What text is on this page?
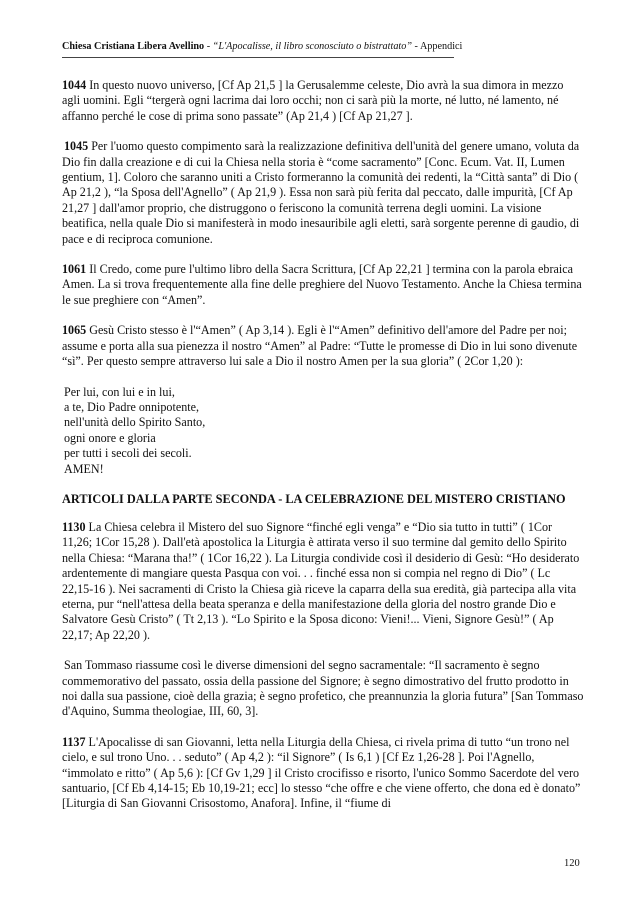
Chiesa Cristiana Libera Avellino - “L'Apocalisse, il libro sconosciuto o bistrattato” - Appendici

1044 In questo nuovo universo, [Cf Ap 21,5 ] la Gerusalemme celeste, Dio avrà la sua dimora in mezzo agli uomini. Egli “tergerà ogni lacrima dai loro occhi; non ci sarà più la morte, né lutto, né lamento, né affanno perché le cose di prima sono passate” (Ap 21,4 ) [Cf Ap 21,27 ].

1045 Per l'uomo questo compimento sarà la realizzazione definitiva dell'unità del genere umano, voluta da Dio fin dalla creazione e di cui la Chiesa nella storia è “come sacramento” [Conc. Ecum. Vat. II, Lumen gentium, 1]. Coloro che saranno uniti a Cristo formeranno la comunità dei redenti, la “Città santa” di Dio ( Ap 21,2 ), “la Sposa dell'Agnello” ( Ap 21,9 ). Essa non sarà più ferita dal peccato, dalle impurità, [Cf Ap 21,27 ] dall'amor proprio, che distruggono o feriscono la comunità terrena degli uomini. La visione beatifica, nella quale Dio si manifesterà in modo inesauribile agli eletti, sarà sorgente perenne di gaudio, di pace e di reciproca comunione.

1061 Il Credo, come pure l'ultimo libro della Sacra Scrittura, [Cf Ap 22,21 ] termina con la parola ebraica Amen. La si trova frequentemente alla fine delle preghiere del Nuovo Testamento. Anche la Chiesa termina le sue preghiere con “Amen”.

1065 Gesù Cristo stesso è l'“Amen” ( Ap 3,14 ). Egli è l'“Amen” definitivo dell'amore del Padre per noi; assume e porta alla sua pienezza il nostro “Amen” al Padre: “Tutte le promesse di Dio in lui sono divenute “sì”. Per questo sempre attraverso lui sale a Dio il nostro Amen per la sua gloria” ( 2Cor 1,20 ):

Per lui, con lui e in lui,
a te, Dio Padre onnipotente,
nell'unità dello Spirito Santo,
ogni onore e gloria
per tutti i secoli dei secoli.
AMEN!
ARTICOLI DALLA PARTE SECONDA - LA CELEBRAZIONE DEL MISTERO CRISTIANO

1130 La Chiesa celebra il Mistero del suo Signore “finché egli venga” e “Dio sia tutto in tutti” ( 1Cor 11,26; 1Cor 15,28 ). Dall'età apostolica la Liturgia è attirata verso il suo termine dal gemito dello Spirito nella Chiesa: “Marana tha!” ( 1Cor 16,22 ). La Liturgia condivide così il desiderio di Gesù: “Ho desiderato ardentemente di mangiare questa Pasqua con voi. . . finché essa non si compia nel regno di Dio” ( Lc 22,15-16 ). Nei sacramenti di Cristo la Chiesa già riceve la caparra della sua eredità, già partecipa alla vita eterna, pur “nell'attesa della beata speranza e della manifestazione della gloria del nostro grande Dio e Salvatore Gesù Cristo” ( Tt 2,13 ). “Lo Spirito e la Sposa dicono: Vieni!... Vieni, Signore Gesù!” ( Ap 22,17; Ap 22,20 ).

San Tommaso riassume così le diverse dimensioni del segno sacramentale: “Il sacramento è segno commemorativo del passato, ossia della passione del Signore; è segno dimostrativo del frutto prodotto in noi dalla sua passione, cioè della grazia; è segno profetico, che preannunzia la gloria futura” [San Tommaso d'Aquino, Summa theologiae, III, 60, 3].

1137 L'Apocalisse di san Giovanni, letta nella Liturgia della Chiesa, ci rivela prima di tutto “un trono nel cielo, e sul trono Uno. . . seduto” ( Ap 4,2 ): “il Signore” ( Is 6,1 ) [Cf Ez 1,26-28 ]. Poi l'Agnello, “immolato e ritto” ( Ap 5,6 ): [Cf Gv 1,29 ] il Cristo crocifisso e risorto, l'unico Sommo Sacerdote del vero santuario, [Cf Eb 4,14-15; Eb 10,19-21; ecc] lo stesso “che offre e che viene offerto, che dona ed è donato” [Liturgia di San Giovanni Crisostomo, Anafora]. Infine, il “fiume di

120
